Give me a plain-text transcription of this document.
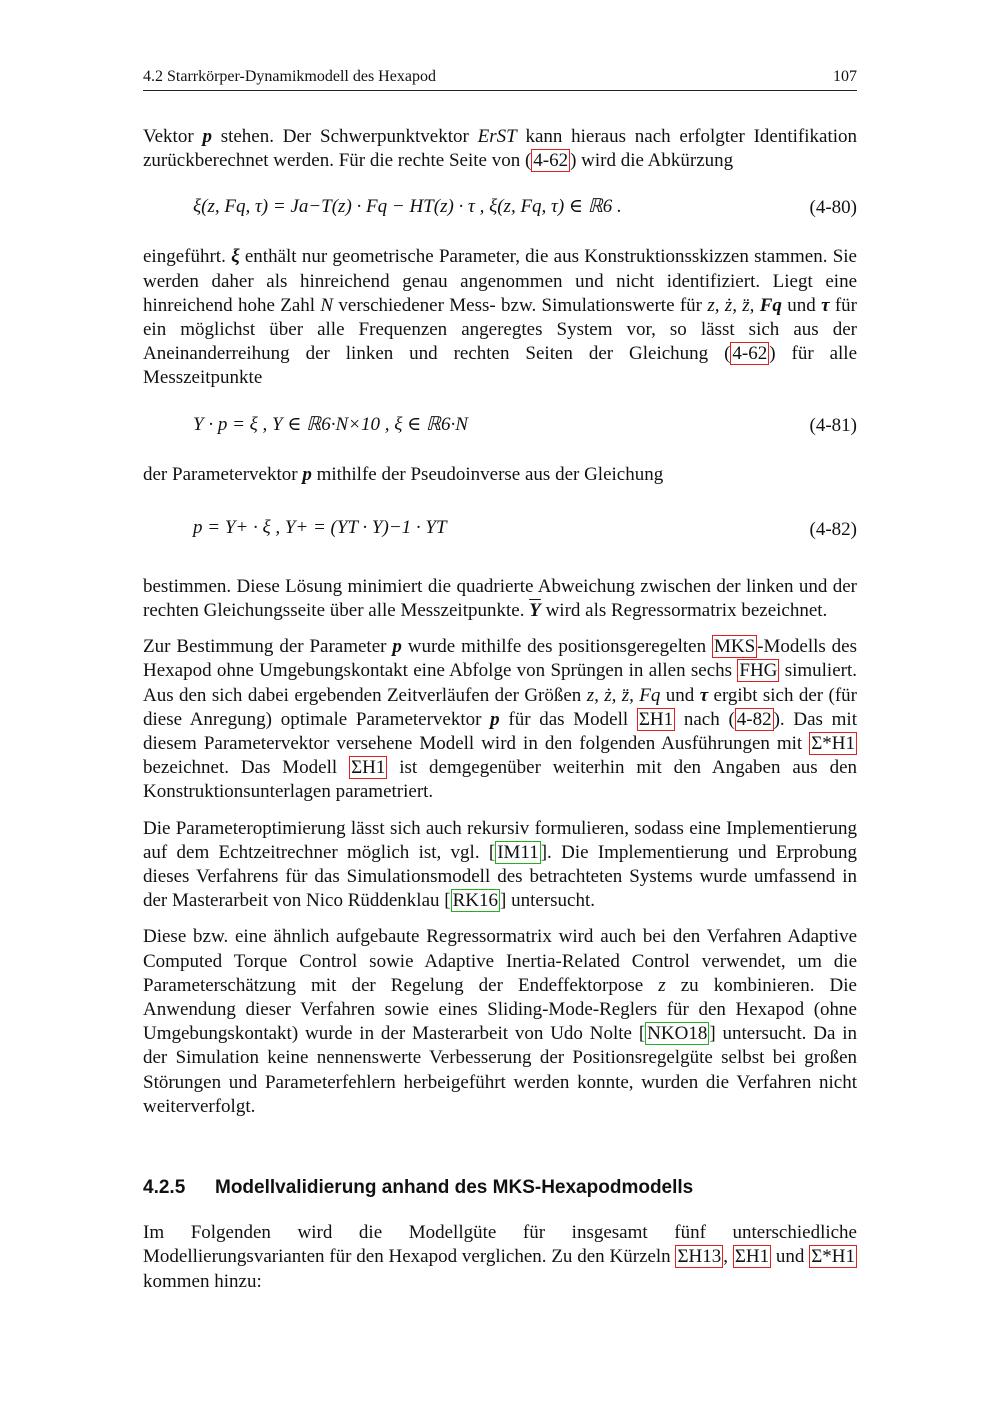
4.2 Starrkörper-Dynamikmodell des Hexapod	107

Vektor p stehen. Der Schwerpunktvektor ErST kann hieraus nach erfolgter Identifikation zurückberechnet werden. Für die rechte Seite von ( 4-62 ) wird die Abkürzung

ξ(z, Fq, τ) = Ja−T(z) · Fq − HT(z) · τ , ξ(z, Fq, τ) ∈ ℝ6 .	(4-80)

eingeführt. ξ enthält nur geometrische Parameter, die aus Konstruktionsskizzen stammen. Sie werden daher als hinreichend genau angenommen und nicht identifiziert. Liegt eine hinreichend hohe Zahl N verschiedener Mess- bzw. Simulationswerte für z, ż, z̈, Fq und τ für ein möglichst über alle Frequenzen angeregtes System vor, so lässt sich aus der Aneinanderreihung der linken und rechten Seiten der Gleichung ( 4-62 ) für alle Messzeitpunkte

Y · p = ξ , Y ∈ ℝ6·N×10 , ξ ∈ ℝ6·N	(4-81)

der Parametervektor p mithilfe der Pseudoinverse aus der Gleichung

p = Y+ · ξ , Y+ = (YT · Y)−1 · YT	(4-82)

bestimmen. Diese Lösung minimiert die quadrierte Abweichung zwischen der linken und der rechten Gleichungsseite über alle Messzeitpunkte. $\overline{Y}$ wird als Regressormatrix bezeichnet.

Zur Bestimmung der Parameter p wurde mithilfe des positionsgeregelten MKS -Modells des Hexapod ohne Umgebungskontakt eine Abfolge von Sprüngen in allen sechs FHG simuliert. Aus den sich dabei ergebenden Zeitverläufen der Größen z, ż, z̈, Fq und τ ergibt sich der (für diese Anregung) optimale Parametervektor p für das Modell ΣH1 nach ( 4-82 ). Das mit diesem Parametervektor versehene Modell wird in den folgenden Ausführungen mit Σ*H1 bezeichnet. Das Modell ΣH1 ist demgegenüber weiterhin mit den Angaben aus den Konstruktionsunterlagen parametriert.

Die Parameteroptimierung lässt sich auch rekursiv formulieren, sodass eine Implementierung auf dem Echtzeitrechner möglich ist, vgl. [ IM11 ]. Die Implementierung und Erprobung dieses Verfahrens für das Simulationsmodell des betrachteten Systems wurde umfassend in der Masterarbeit von Nico Rüddenklau [ RK16 ] untersucht.

Diese bzw. eine ähnlich aufgebaute Regressormatrix wird auch bei den Verfahren Adaptive Computed Torque Control sowie Adaptive Inertia-Related Control verwendet, um die Parameterschätzung mit der Regelung der Endeffektorpose z zu kombinieren. Die Anwendung dieser Verfahren sowie eines Sliding-Mode-Reglers für den Hexapod (ohne Umgebungskontakt) wurde in der Masterarbeit von Udo Nolte [ NKO18 ] untersucht. Da in der Simulation keine nennenswerte Verbesserung der Positionsregelgüte selbst bei großen Störungen und Parameterfehlern herbeigeführt werden konnte, wurden die Verfahren nicht weiterverfolgt.

4.2.5 Modellvalidierung anhand des MKS-Hexapodmodells

Im Folgenden wird die Modellgüte für insgesamt fünf unterschiedliche Modellierungsvarianten für den Hexapod verglichen. Zu den Kürzeln ΣH13 , ΣH1 und Σ*H1 kommen hinzu:
